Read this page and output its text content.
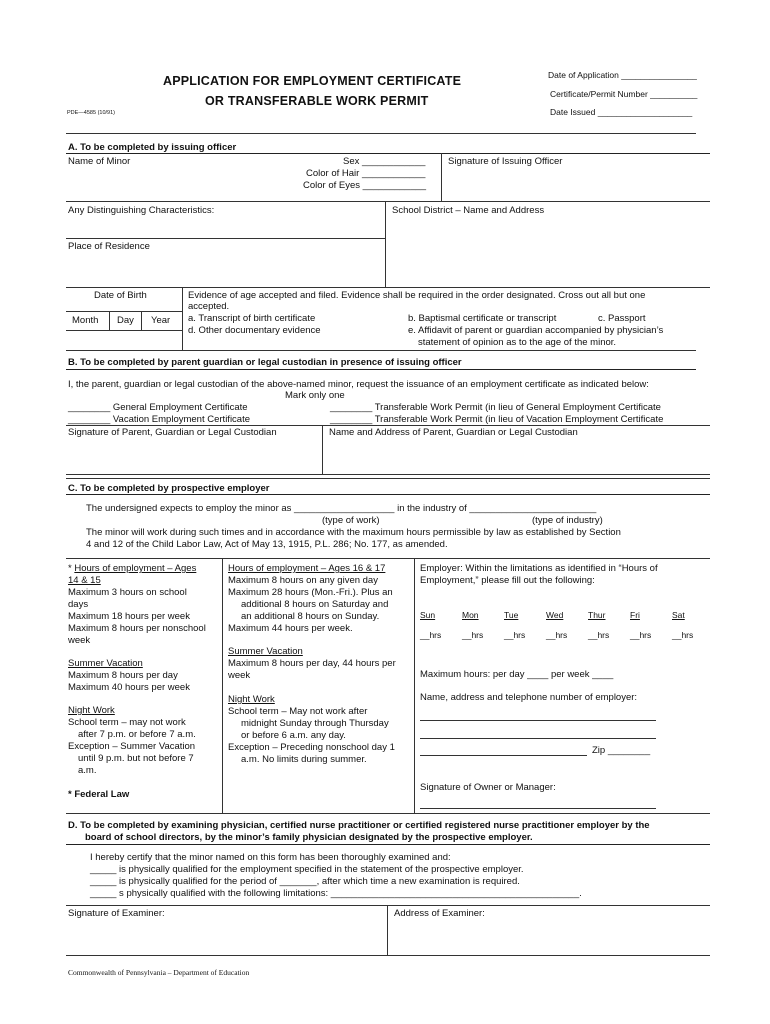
APPLICATION FOR EMPLOYMENT CERTIFICATE
OR TRANSFERABLE WORK PERMIT
PDE—4585 (10/91)
Date of Application ________________
Certificate/Permit Number __________
Date Issued ____________________
A. To be completed by issuing officer
Name of Minor	Sex ____________
Color of Hair ____________
Color of Eyes ____________
Signature of Issuing Officer
Any Distinguishing Characteristics:	School District – Name and Address
Place of Residence
Date of Birth
Month Day Year
Evidence of age accepted and filed. Evidence shall be required in the order designated. Cross out all but one
accepted.
a. Transcript of birth certificate	b. Baptismal certificate or transcript	c. Passport
d. Other documentary evidence	e. Affidavit of parent or guardian accompanied by physician’s
statement of opinion as to the age of the minor.
B. To be completed by parent guardian or legal custodian in presence of issuing officer
I, the parent, guardian or legal custodian of the above-named minor, request the issuance of an employment certificate as indicated below:
Mark only one
________ General Employment Certificate
________ Vacation Employment Certificate
________ Transferable Work Permit (in lieu of General Employment Certificate
________ Transferable Work Permit (in lieu of Vacation Employment Certificate
Signature of Parent, Guardian or Legal Custodian	Name and Address of Parent, Guardian or Legal Custodian
C. To be completed by prospective employer
The undersigned expects to employ the minor as ___________________ in the industry of ________________________
(type of work)	(type of industry)
The minor will work during such times and in accordance with the maximum hours permissible by law as established by Section
4 and 12 of the Child Labor Law, Act of May 13, 1915, P.L. 286; No. 177, as amended.
* Hours of employment – Ages
14 & 15
Maximum 3 hours on school
days
Maximum 18 hours per week
Maximum 8 hours per nonschool
week
Summer Vacation
Maximum 8 hours per day
Maximum 40 hours per week
Night Work
School term – may not work
after 7 p.m. or before 7 a.m.
Exception – Summer Vacation
until 9 p.m. but not before 7
a.m.
* Federal Law
Hours of employment – Ages 16 & 17
Maximum 8 hours on any given day
Maximum 28 hours (Mon.-Fri.). Plus an
additional 8 hours on Saturday and
an additional 8 hours on Sunday.
Maximum 44 hours per week.
Summer Vacation
Maximum 8 hours per day, 44 hours per
week
Night Work
School term – May not work after
midnight Sunday through Thursday
or before 6 a.m. any day.
Exception – Preceding nonschool day 1
a.m. No limits during summer.
Employer: Within the limitations as identified in “Hours of
Employment,” please fill out the following:
Sun	Mon	Tue	Wed	Thur	Fri	Sat
__hrs __hrs __hrs __hrs __hrs __hrs __hrs
Maximum hours: per day ____ per week ____
Name, address and telephone number of employer:
Zip ________
Signature of Owner or Manager:
D. To be completed by examining physician, certified nurse practitioner or certified registered nurse practitioner employer by the
board of school directors, by the minor’s family physician designated by the prospective employer.
I hereby certify that the minor named on this form has been thoroughly examined and:
_____ is physically qualified for the employment specified in the statement of the prospective employer.
_____ is physically qualified for the period of _______, after which time a new examination is required.
_____ s physically qualified with the following limitations: _______________________________________________.
Signature of Examiner:	Address of Examiner:
Commonwealth of Pennsylvania – Department of Education
